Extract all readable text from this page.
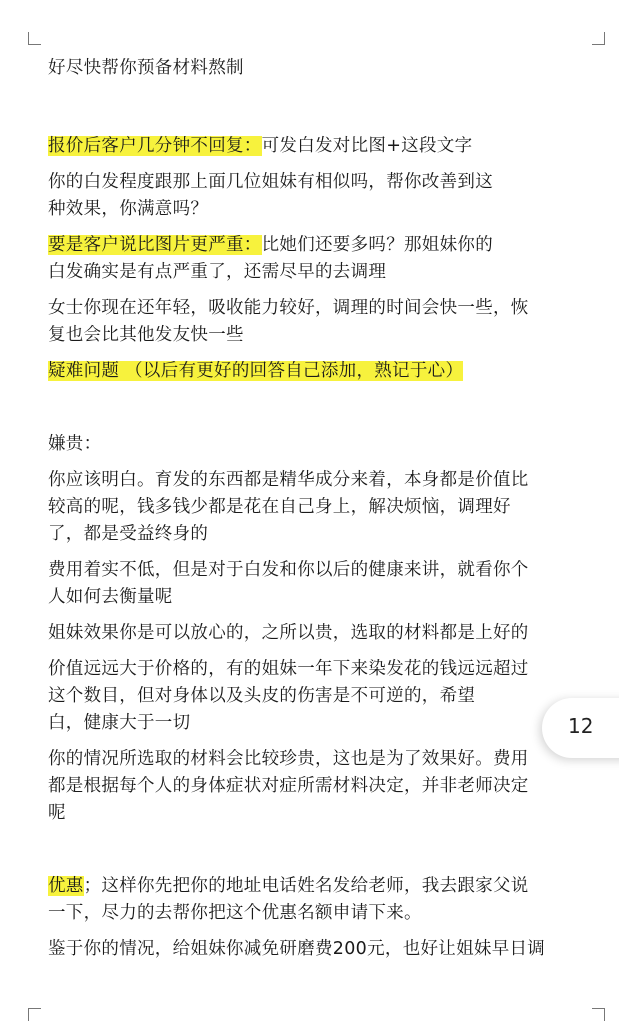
好尽快帮你预备材料熬制
报价后客户几分钟不回复：可发白发对比图+这段文字
你的白发程度跟那上面几位姐妹有相似吗，帮你改善到这
种效果，你满意吗？
要是客户说比图片更严重：比她们还要多吗？那姐妹你的
白发确实是有点严重了，还需尽早的去调理
女士你现在还年轻，吸收能力较好，调理的时间会快一些，恢
复也会比其他发友快一些
疑难问题 （以后有更好的回答自己添加，熟记于心）
嫌贵：
你应该明白。育发的东西都是精华成分来着，本身都是价值比
较高的呢，钱多钱少都是花在自己身上，解决烦恼，调理好
了，都是受益终身的
费用着实不低，但是对于白发和你以后的健康来讲，就看你个
人如何去衡量呢
姐妹效果你是可以放心的，之所以贵，选取的材料都是上好的
价值远远大于价格的，有的姐妹一年下来染发花的钱远远超过
这个数目，但对身体以及头皮的伤害是不可逆的，希望
白，健康大于一切
你的情况所选取的材料会比较珍贵，这也是为了效果好。费用
都是根据每个人的身体症状对症所需材料决定，并非老师决定
呢
优惠；这样你先把你的地址电话姓名发给老师，我去跟家父说
一下，尽力的去帮你把这个优惠名额申请下来。
鉴于你的情况，给姐妹你减免研磨费200元，也好让姐妹早日调
12
